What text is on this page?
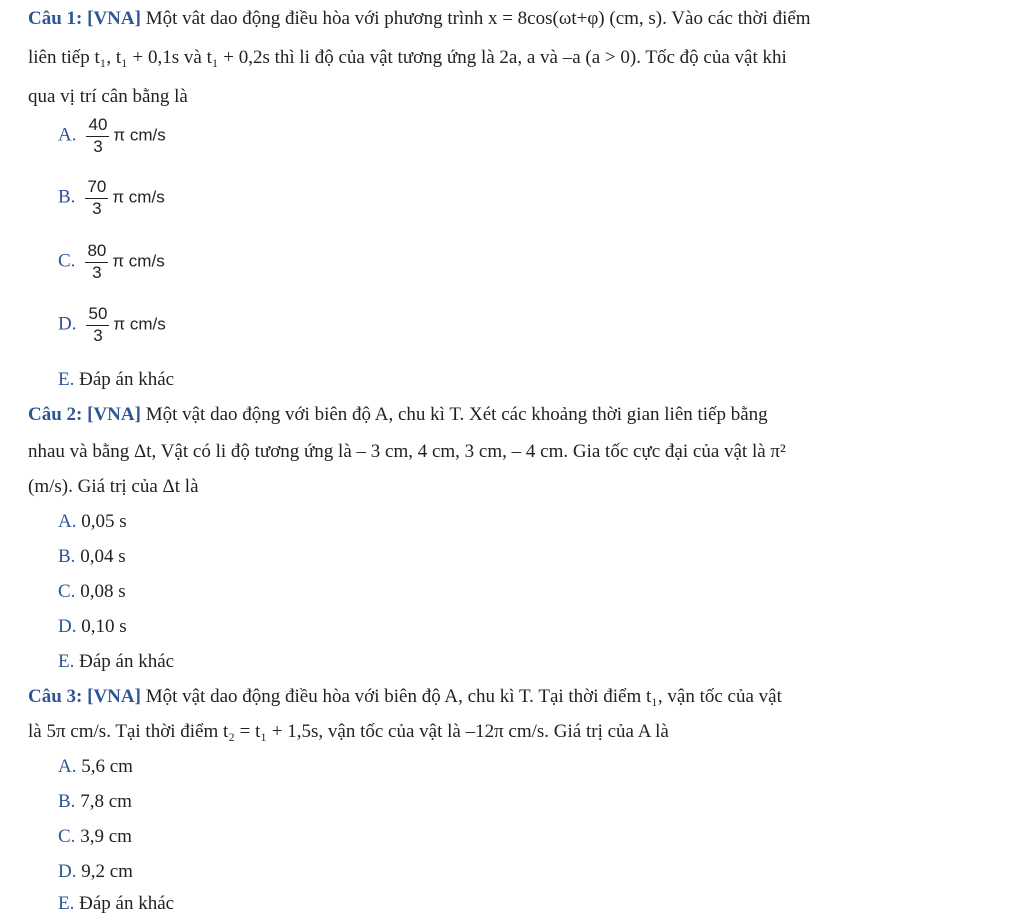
Câu 1: [VNA] Một vât dao động điều hòa với phương trình x = 8cos(ωt+φ) (cm, s). Vào các thời điểm
liên tiếp t₁, t₁ + 0,1s và t₁ + 0,2s thì li độ của vật tương ứng là 2a, a và –a (a > 0). Tốc độ của vật khi
qua vị trí cân bằng là
A. $\frac{40}{3}$ π cm/s
B. $\frac{70}{3}$ π cm/s
C. $\frac{80}{3}$ π cm/s
D. $\frac{50}{3}$ π cm/s
E. Đáp án khác
Câu 2: [VNA] Một vật dao động với biên độ A, chu kì T. Xét các khoảng thời gian liên tiếp bằng
nhau và bằng Δt, Vật có li độ tương ứng là – 3 cm, 4 cm, 3 cm, – 4 cm. Gia tốc cực đại của vật là π²
(m/s). Giá trị của Δt là
A. 0,05 s
B. 0,04 s
C. 0,08 s
D. 0,10 s
E. Đáp án khác
Câu 3: [VNA] Một vật dao động điều hòa với biên độ A, chu kì T. Tại thời điểm t₁, vận tốc của vật
là 5π cm/s. Tại thời điểm t₂ = t₁ + 1,5s, vận tốc của vật là –12π cm/s. Giá trị của A là
A. 5,6 cm
B. 7,8 cm
C. 3,9 cm
D. 9,2 cm
E. Đáp án khác
